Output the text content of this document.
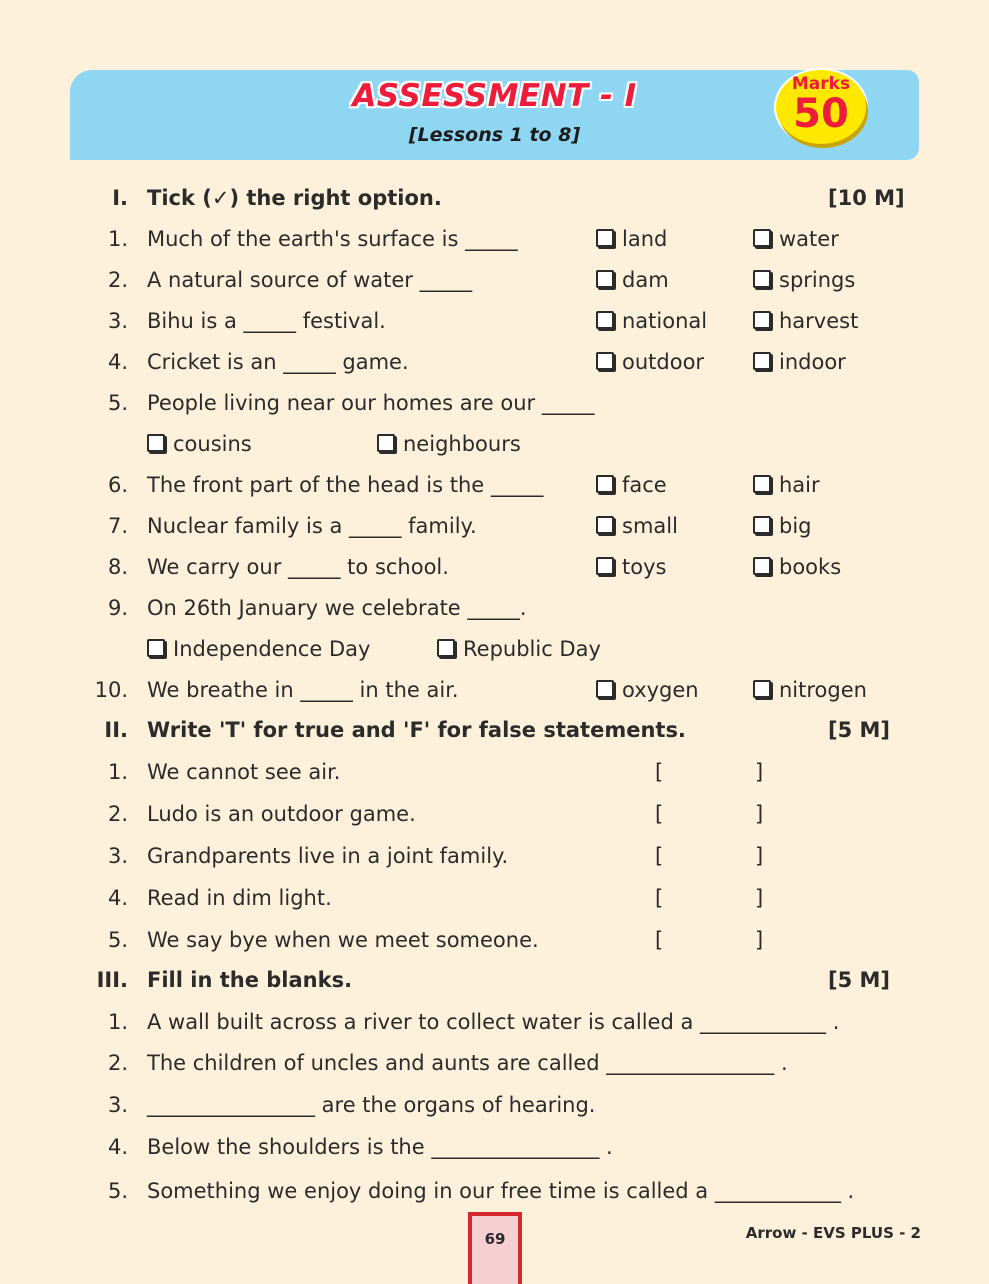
ASSESSMENT - I
[Lessons 1 to 8]
Marks
50
I. Tick (✓) the right option.	[10 M]
1. Much of the earth's surface is _____	land	water
2. A natural source of water _____	dam	springs
3. Bihu is a _____ festival.	national	harvest
4. Cricket is an _____ game.	outdoor	indoor
5. People living near our homes are our _____
cousins	neighbours
6. The front part of the head is the _____	face	hair
7. Nuclear family is a _____ family.	small	big
8. We carry our _____ to school.	toys	books
9. On 26th January we celebrate _____.
Independence Day	Republic Day
10. We breathe in _____ in the air.	oxygen	nitrogen
II. Write 'T' for true and 'F' for false statements.	[5 M]
1. We cannot see air.	[	]
2. Ludo is an outdoor game.	[	]
3. Grandparents live in a joint family.	[	]
4. Read in dim light.	[	]
5. We say bye when we meet someone.	[	]
III. Fill in the blanks.	[5 M]
1. A wall built across a river to collect water is called a ____________ .
2. The children of uncles and aunts are called ________________ .
3. ________________ are the organs of hearing.
4. Below the shoulders is the ________________ .
5. Something we enjoy doing in our free time is called a ____________ .
69	Arrow - EVS PLUS - 2
